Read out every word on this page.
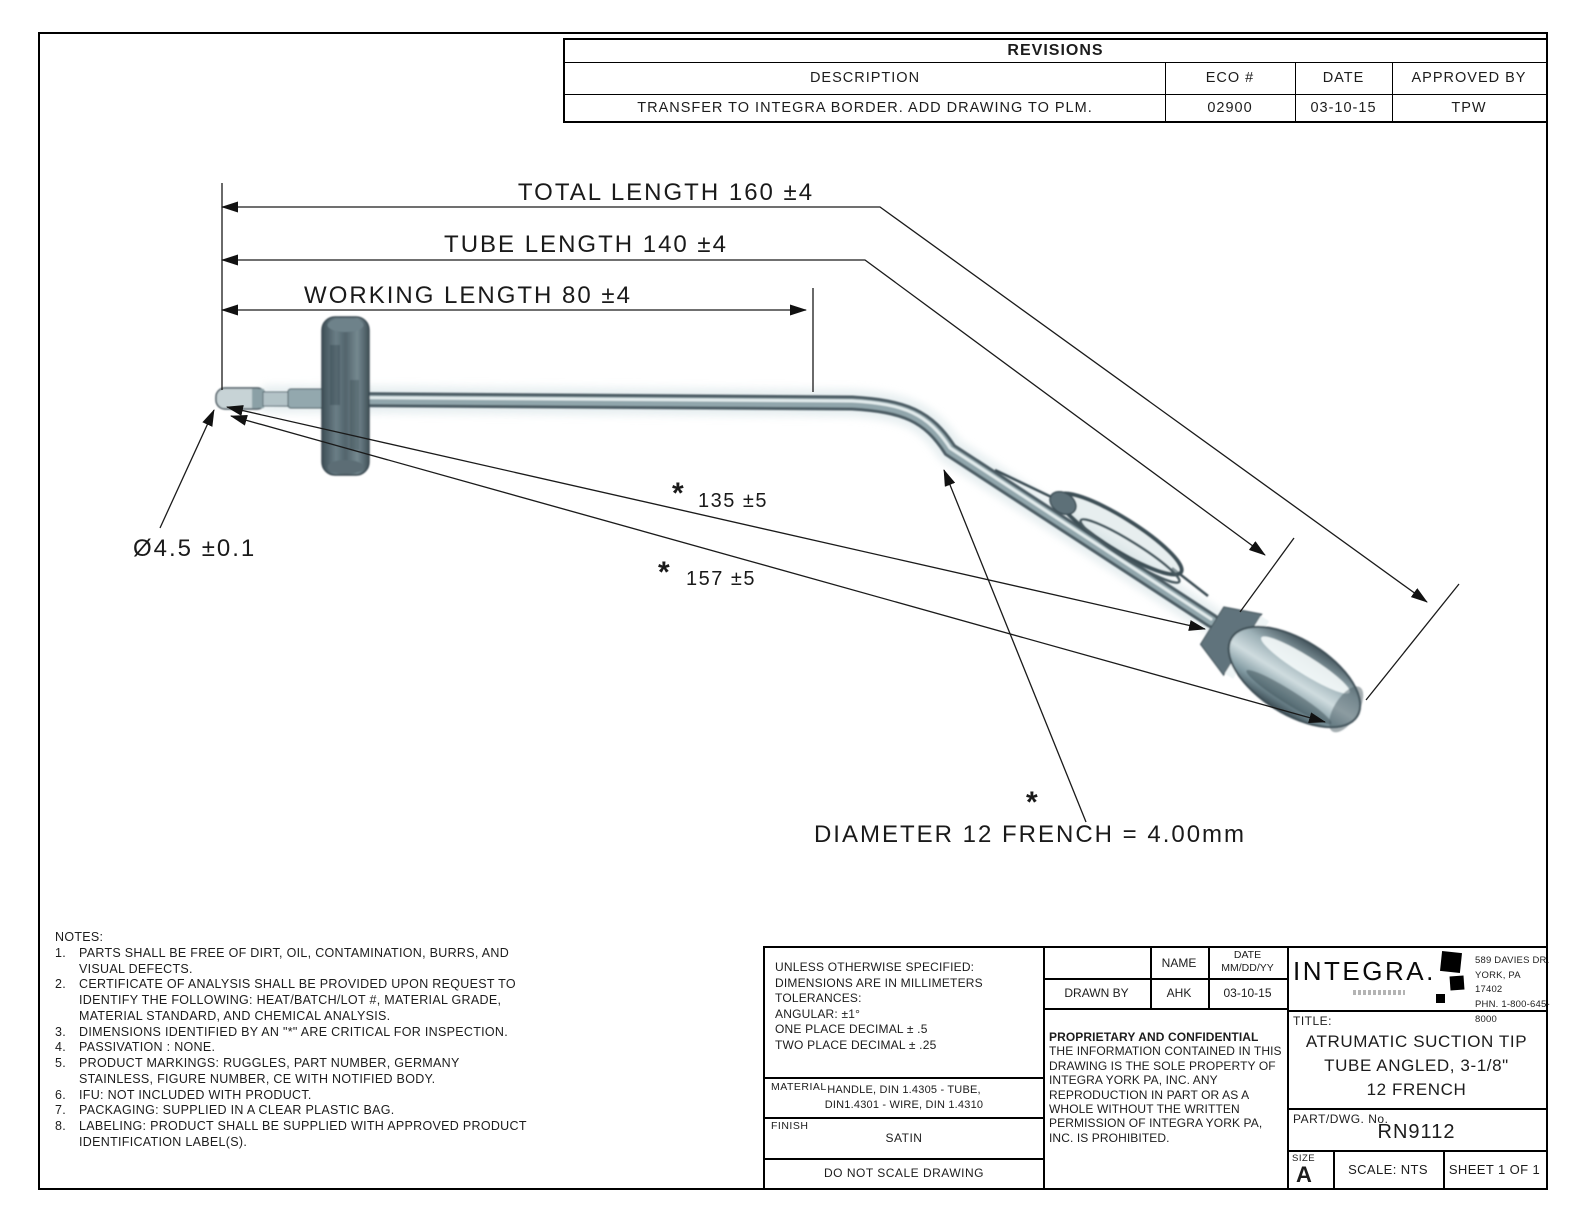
TOTAL LENGTH 160 ±4
TUBE LENGTH 140 ±4
WORKING LENGTH 80 ±4
Ø4.5 ±0.1
* 135 ±5
* 157 ±5
*
DIAMETER 12 FRENCH = 4.00mm
REVISIONS
DESCRIPTION	ECO #	DATE	APPROVED BY
TRANSFER TO INTEGRA BORDER. ADD DRAWING TO PLM.	02900	03-10-15	TPW
NOTES:
1.	PARTS SHALL BE FREE OF DIRT, OIL, CONTAMINATION, BURRS, AND VISUAL DEFECTS.
2.	CERTIFICATE OF ANALYSIS SHALL BE PROVIDED UPON REQUEST TO IDENTIFY THE FOLLOWING: HEAT/BATCH/LOT #, MATERIAL GRADE, MATERIAL STANDARD, AND CHEMICAL ANALYSIS.
3.	DIMENSIONS IDENTIFIED BY AN "*" ARE CRITICAL FOR INSPECTION.
4.	PASSIVATION : NONE.
5.	PRODUCT MARKINGS: RUGGLES, PART NUMBER, GERMANY STAINLESS, FIGURE NUMBER, CE WITH NOTIFIED BODY.
6.	IFU: NOT INCLUDED WITH PRODUCT.
7.	PACKAGING: SUPPLIED IN A CLEAR PLASTIC BAG.
8.	LABELING: PRODUCT SHALL BE SUPPLIED WITH APPROVED PRODUCT IDENTIFICATION LABEL(S).
UNLESS OTHERWISE SPECIFIED:
DIMENSIONS ARE IN MILLIMETERS
TOLERANCES:
ANGULAR: ±1°
ONE PLACE DECIMAL ± .5
TWO PLACE DECIMAL ± .25
MATERIAL HANDLE, DIN 1.4305 - TUBE,
DIN1.4301 - WIRE, DIN 1.4310
FINISH
SATIN
DO NOT SCALE DRAWING
NAME
DATE
MM/DD/YY
DRAWN BY	AHK	03-10-15
PROPRIETARY AND CONFIDENTIAL
THE INFORMATION CONTAINED IN THIS DRAWING IS THE SOLE PROPERTY OF INTEGRA YORK PA, INC. ANY REPRODUCTION IN PART OR AS A WHOLE WITHOUT THE WRITTEN PERMISSION OF INTEGRA YORK PA, INC. IS PROHIBITED.
INTEGRA.	589 DAVIES DR.
YORK, PA 17402
PHN. 1-800-645-8000
TITLE:
ATRUMATIC SUCTION TIP
TUBE ANGLED, 3-1/8"
12 FRENCH
PART/DWG. No.
RN9112
SIZE
A	SCALE: NTS	SHEET 1 OF 1
